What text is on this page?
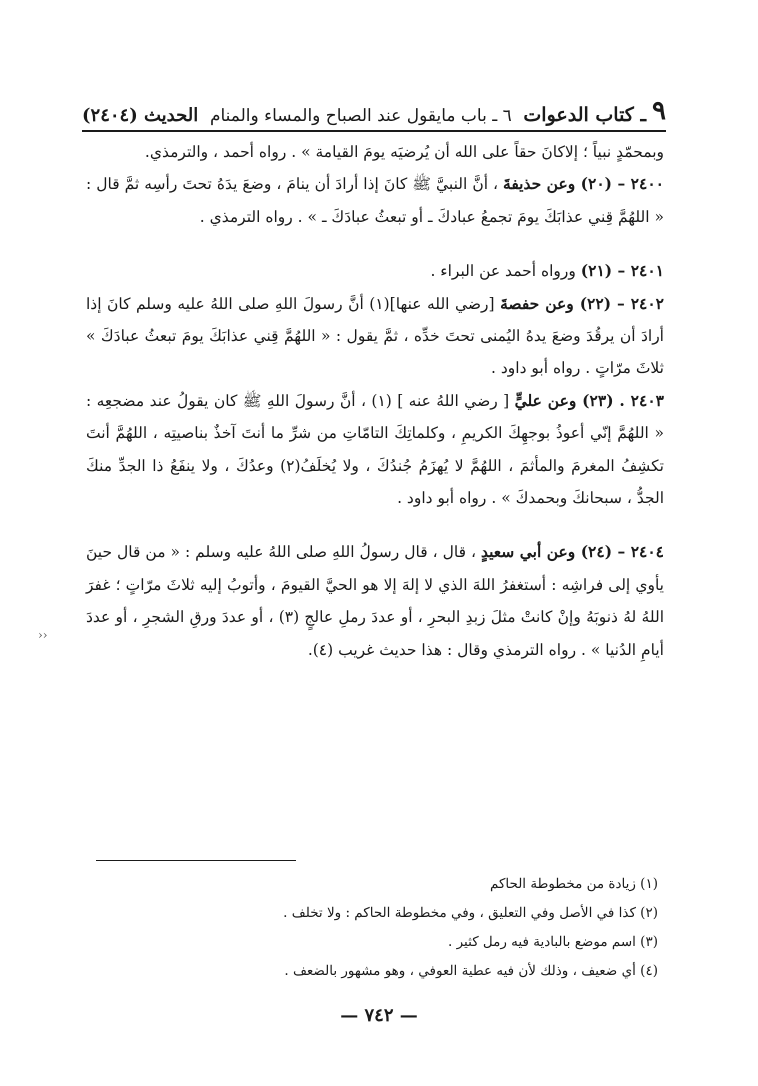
٩
ـ كتاب الدعوات
٦ ـ باب مايقول عند الصباح والمساء والمنام
الحديث (٢٤٠٤)

وبمحمّدٍ نبياً ؛ إلاكانَ حقاً على الله أن يُرضيَه يومَ القيامة » . رواه أحمد ، والترمذي.

٢٤٠٠ – (٢٠) وعن حذيفةَ ، أنَّ النبيَّ ﷺ كانَ إذا أرادَ أن ينامَ ، وضعَ يدَهُ تحتَ رأسِه ثمَّ قال : « اللهُمَّ قِني عذابَكَ يومَ تجمعُ عبادكَ ـ أو تبعثُ عبادَكَ ـ » . رواه الترمذي .

٢٤٠١ – (٢١) ورواه أحمد عن البراء .

٢٤٠٢ – (٢٢) وعن حفصةَ [رضي الله عنها](١) أنَّ رسولَ اللهِ صلى اللهُ عليه وسلم كانَ إذا أرادَ أن يرقُدَ وضعَ يدهُ اليُمنى تحتَ خدِّه ، ثمَّ يقول : « اللهُمَّ قِني عذابَكَ يومَ تبعثُ عبادَكَ » ثلاثَ مرّاتٍ . رواه أبو داود .

٢٤٠٣ . (٢٣) وعن عليٍّ [ رضي اللهُ عنه ] (١) ، أنَّ رسولَ اللهِ ﷺ كان يقولُ عند مضجعِه : « اللهُمَّ إنّي أعوذُ بوجهِكَ الكريمِ ، وكلماتِكَ التامّاتِ من شرِّ ما أنتَ آخذٌ بناصيتِه ، اللهُمَّ أنتَ تكشِفُ المغرمَ والمأثمَ ، اللهُمَّ لا يُهزَمُ جُندُكَ ، ولا يُخلَفُ(٢) وعدُكَ ، ولا ينفَعُ ذا الجدِّ منكَ الجدُّ ، سبحانكَ وبحمدكَ » . رواه أبو داود .

٢٤٠٤ – (٢٤) وعن أبي سعيدٍ ، قال ، قال رسولُ اللهِ صلى اللهُ عليه وسلم : « من قال حينَ يأوي إلى فراشِه : أستغفرُ اللهَ الذي لا إلهَ إلا هو الحيَّ القيومَ ، وأتوبُ إليه ثلاثَ مرّاتٍ ؛ غفرَ اللهُ لهُ ذنوبَهُ وإنْ كانتْ مثلَ زبدِ البحرِ ، أو عددَ رملِ عالجٍ (٣) ، أو عددَ ورقِ الشجرِ ، أو عددَ أيامِ الدُنيا » . رواه الترمذي وقال : هذا حديث غريب (٤).

‹‹

(١) زيادة من مخطوطة الحاكم

(٢) كذا في الأصل وفي التعليق ، وفي مخطوطة الحاكم : ولا تخلف .

(٣) اسم موضع بالبادية فيه رمل كثير .

(٤) أي ضعيف ، وذلك لأن فيه عطية العوفي ، وهو مشهور بالضعف .

— ٧٤٢ —
